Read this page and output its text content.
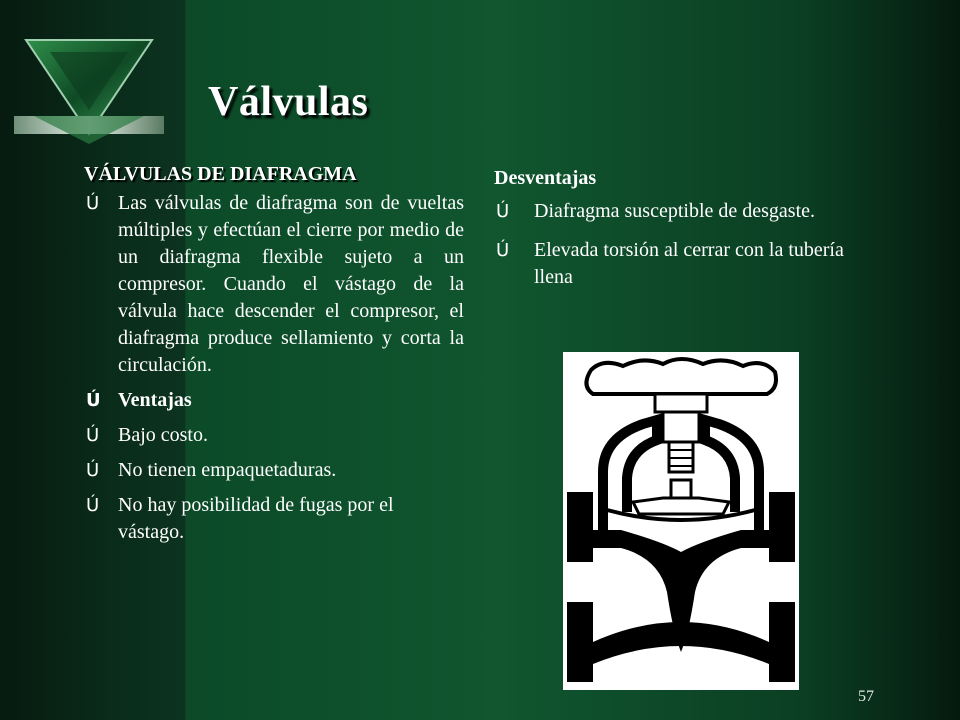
Válvulas
VÁLVULAS DE DIAFRAGMA
Ú Las válvulas de diafragma son de vueltas múltiples y efectúan el cierre por medio de un diafragma flexible sujeto a un compresor. Cuando el vástago de la válvula hace descender el compresor, el diafragma produce sellamiento y corta la circulación.
Ú Ventajas
Ú Bajo costo.
Ú No tienen empaquetaduras.
Ú No hay posibilidad de fugas por el vástago.
Desventajas
Ú Diafragma susceptible de desgaste.
Ú Elevada torsión al cerrar con la tubería llena
57
